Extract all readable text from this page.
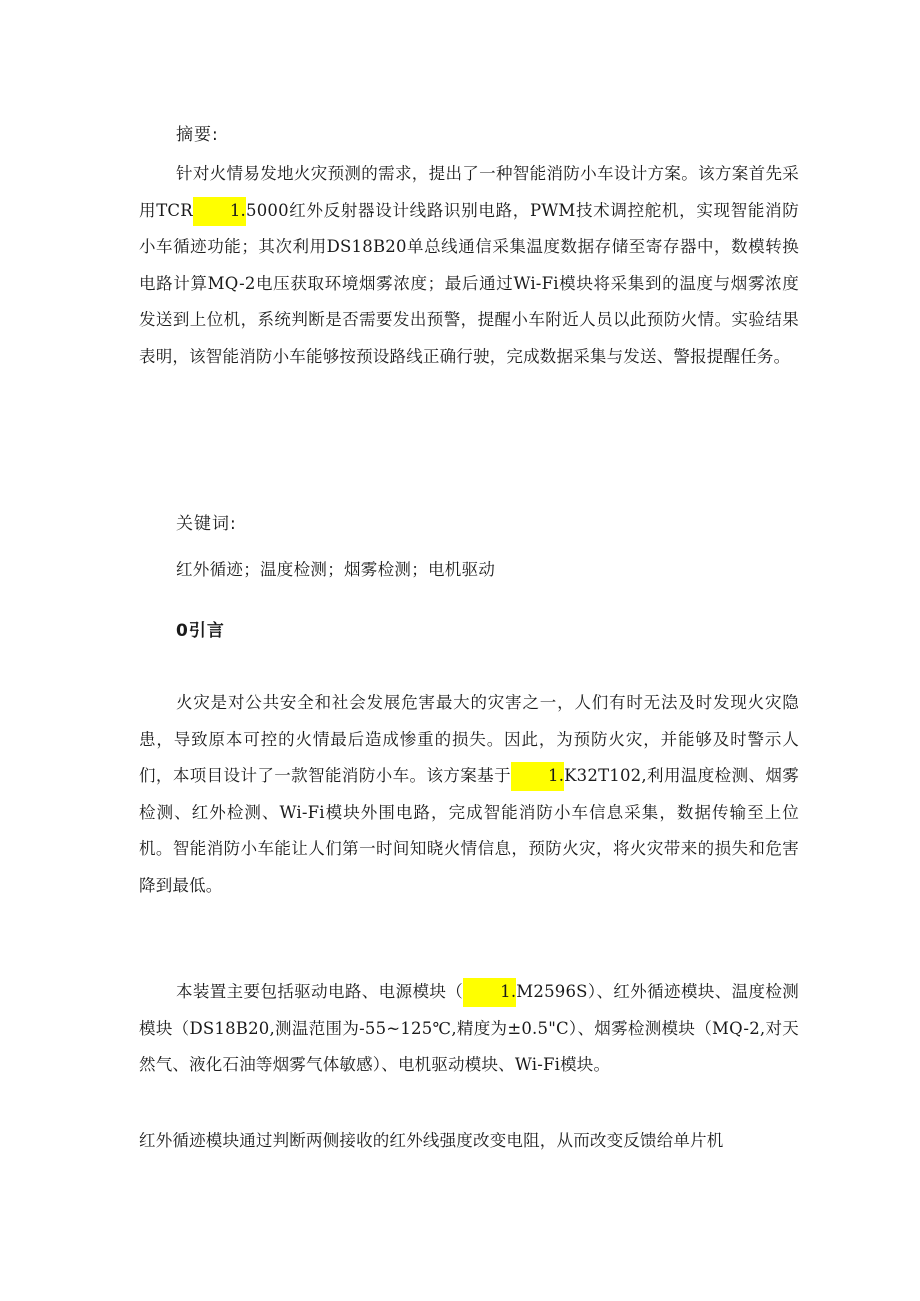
摘要:

针对火情易发地火灾预测的需求，提出了一种智能消防小车设计方案。该方案首先采用TCR 1.5000红外反射器设计线路识别电路，PWM技术调控舵机，实现智能消防小车循迹功能；其次利用DS18B20单总线通信采集温度数据存储至寄存器中，数模转换电路计算MQ-2电压获取环境烟雾浓度；最后通过Wi-Fi模块将采集到的温度与烟雾浓度发送到上位机，系统判断是否需要发出预警，提醒小车附近人员以此预防火情。实验结果表明，该智能消防小车能够按预设路线正确行驶，完成数据采集与发送、警报提醒任务。

关键词:
红外循迹；温度检测；烟雾检测；电机驱动
0引言

火灾是对公共安全和社会发展危害最大的灾害之一，人们有时无法及时发现火灾隐患，导致原本可控的火情最后造成惨重的损失。因此，为预防火灾，并能够及时警示人们，本项目设计了一款智能消防小车。该方案基于 1.K32T102,利用温度检测、烟雾检测、红外检测、Wi-Fi模块外围电路，完成智能消防小车信息采集，数据传输至上位机。智能消防小车能让人们第一时间知晓火情信息，预防火灾，将火灾带来的损失和危害降到最低。

本装置主要包括驱动电路、电源模块（ 1.M2596S）、红外循迹模块、温度检测模块（DS18B20,测温范围为-55~125℃,精度为±0.5"C）、烟雾检测模块（MQ-2,对天然气、液化石油等烟雾气体敏感）、电机驱动模块、Wi-Fi模块。

红外循迹模块通过判断两侧接收的红外线强度改变电阻，从而改变反馈给单片机
